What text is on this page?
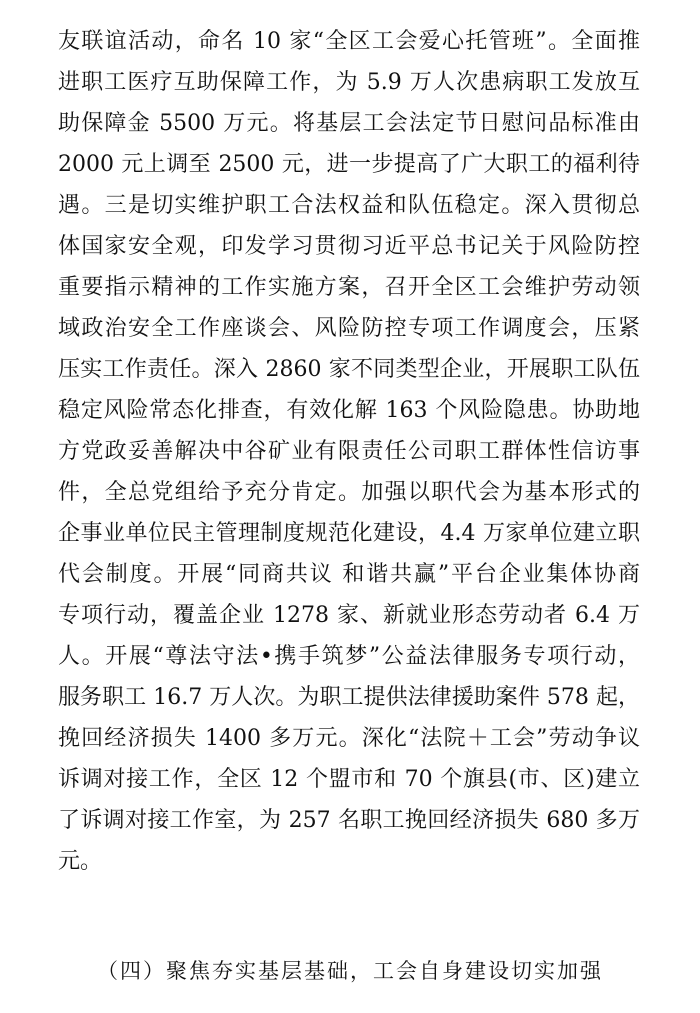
友联谊活动，命名 10 家“全区工会爱心托管班”。全面推
进职工医疗互助保障工作，为 5.9 万人次患病职工发放互
助保障金 5500 万元。将基层工会法定节日慰问品标准由
2000 元上调至 2500 元，进一步提高了广大职工的福利待
遇。三是切实维护职工合法权益和队伍稳定。深入贯彻总
体国家安全观，印发学习贯彻习近平总书记关于风险防控
重要指示精神的工作实施方案，召开全区工会维护劳动领
域政治安全工作座谈会、风险防控专项工作调度会，压紧
压实工作责任。深入 2860 家不同类型企业，开展职工队伍
稳定风险常态化排查，有效化解 163 个风险隐患。协助地
方党政妥善解决中谷矿业有限责任公司职工群体性信访事
件，全总党组给予充分肯定。加强以职代会为基本形式的
企事业单位民主管理制度规范化建设，4.4 万家单位建立职
代会制度。开展“同商共议 和谐共赢”平台企业集体协商
专项行动，覆盖企业 1278 家、新就业形态劳动者 6.4 万
人。开展“尊法守法•携手筑梦”公益法律服务专项行动，
服务职工 16.7 万人次。为职工提供法律援助案件 578 起，
挽回经济损失 1400 多万元。深化“法院＋工会”劳动争议
诉调对接工作，全区 12 个盟市和 70 个旗县(市、区)建立
了诉调对接工作室，为 257 名职工挽回经济损失 680 多万
元。
（四）聚焦夯实基层基础，工会自身建设切实加强
